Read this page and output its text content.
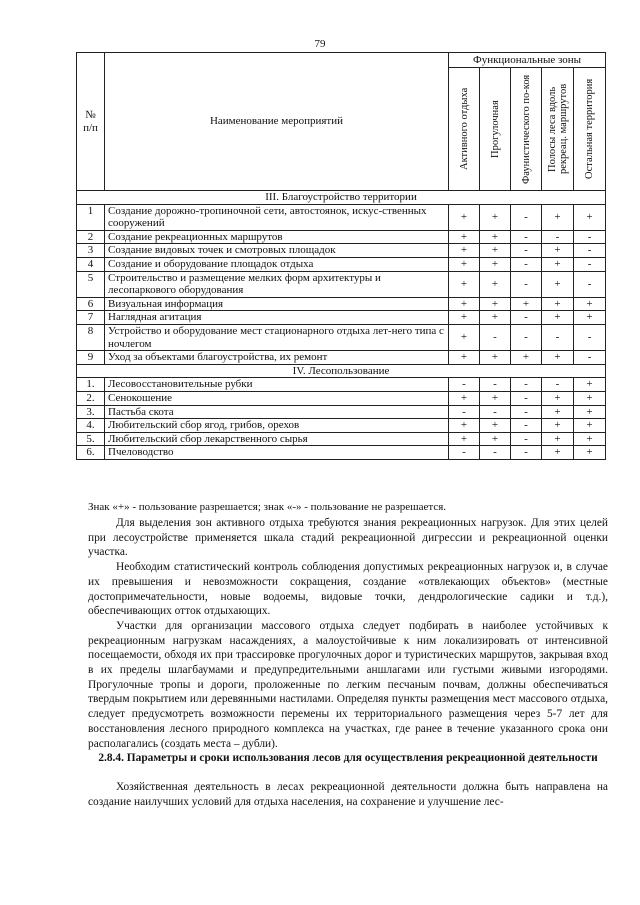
79
№ п/п	Наименование мероприятий	Функциональные зоны				

		Активного отдыха	Прогулочная	Фаунистического по-коя	Полосы леса вдоль рекреац. маршрутов	Остальная территория

III. Благоустройство территории						
1	Создание дорожно-тропиночной сети, автостоянок, искус-ственных сооружений	+	+	-	+	+
2	Создание рекреационных маршрутов	+	+	-	-	-
3	Создание видовых точек и смотровых площадок	+	+	-	+	-
4	Создание и оборудование площадок отдыха	+	+	-	+	-
5	Строительство и размещение мелких форм архитектуры и лесопаркового оборудования	+	+	-	+	-
6	Визуальная информация	+	+	+	+	+
7	Наглядная агитация	+	+	-	+	+
8	Устройство и оборудование мест стационарного отдыха лет-него типа с ночлегом	+	-	-	-	-
9	Уход за объектами благоустройства, их ремонт	+	+	+	+	-
IV. Лесопользование						
1.	Лесовосстановительные рубки	-	-	-	-	+
2.	Сенокошение	+	+	-	+	+
3.	Пастьба скота	-	-	-	+	+
4.	Любительский сбор ягод, грибов, орехов	+	+	-	+	+
5.	Любительский сбор лекарственного сырья	+	+	-	+	+
6.	Пчеловодство	-	-	-	+	+
Знак «+» - пользование разрешается; знак «-» - пользование не разрешается.

Для выделения зон активного отдыха требуются знания рекреационных нагрузок. Для этих целей при лесоустройстве применяется шкала стадий рекреационной дигрессии и рекреационной оценки участка.

Необходим статистический контроль соблюдения допустимых рекреационных нагрузок и, в случае их превышения и невозможности сокращения, создание «отвлекающих объектов» (местные достопримечательности, новые водоемы, видовые точки, дендрологические садики и т.д.), обеспечивающих отток отдыхающих.

Участки для организации массового отдыха следует подбирать в наиболее устойчивых к рекреационным нагрузкам насаждениях, а малоустойчивые к ним локализировать от интенсивной посещаемости, обходя их при трассировке прогулочных дорог и туристических маршрутов, закрывая вход в их пределы шлагбаумами и предупредительными аншлагами или густыми живыми изгородями. Прогулочные тропы и дороги, проложенные по легким песчаным почвам, должны обеспечиваться твердым покрытием или деревянными настилами. Определяя пункты размещения мест массового отдыха, следует предусмотреть возможности перемены их территориального размещения через 5-7 лет для восстановления лесного природного комплекса на участках, где ранее в течение указанного срока они располагались (создать места – дубли).

2.8.4. Параметры и сроки использования лесов для осуществления рекреационной деятельности

Хозяйственная деятельность в лесах рекреационной деятельности должна быть направлена на создание наилучших условий для отдыха населения, на сохранение и улучшение лес-
